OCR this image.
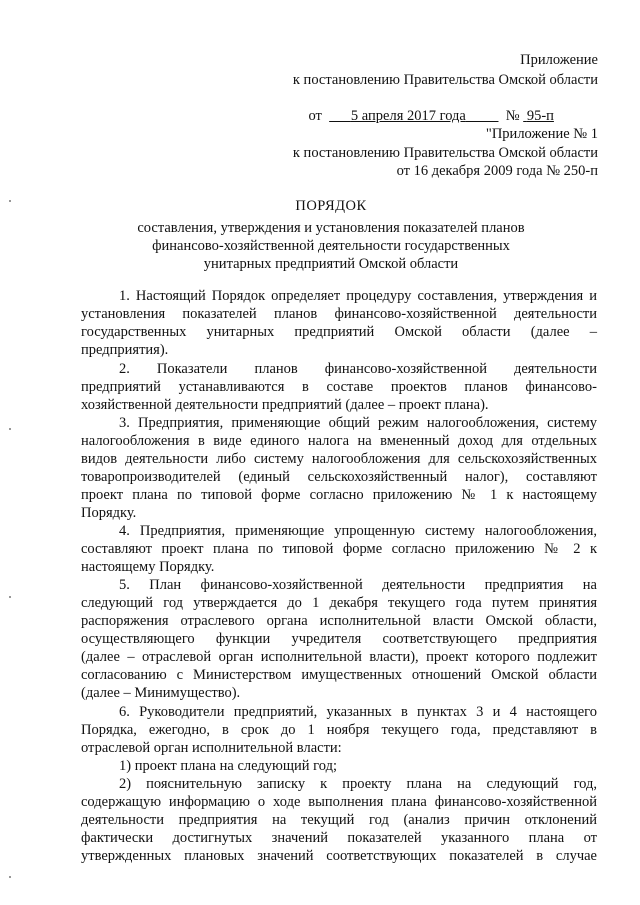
Приложение
к постановлению Правительства Омской области

от 5 апреля 2017 года	№ 95-п

"Приложение № 1
к постановлению Правительства Омской области
от 16 декабря 2009 года № 250-п
ПОРЯДОК
составления, утверждения и установления показателей планов
финансово-хозяйственной деятельности государственных
унитарных предприятий Омской области
1. Настоящий Порядок определяет процедуру составления, утверждения и
установления показателей планов финансово-хозяйственной деятельности
государственных унитарных предприятий Омской области (далее –
предприятия).
2. Показатели планов финансово-хозяйственной деятельности
предприятий устанавливаются в составе проектов планов финансово-
хозяйственной деятельности предприятий (далее – проект плана).
3. Предприятия, применяющие общий режим налогообложения, систему
налогообложения в виде единого налога на вмененный доход для отдельных
видов деятельности либо систему налогообложения для сельскохозяйственных
товаропроизводителей (единый сельскохозяйственный налог), составляют
проект плана по типовой форме согласно приложению № 1 к настоящему
Порядку.
4. Предприятия, применяющие упрощенную систему налогообложения,
составляют проект плана по типовой форме согласно приложению № 2 к
настоящему Порядку.
5. План финансово-хозяйственной деятельности предприятия на
следующий год утверждается до 1 декабря текущего года путем принятия
распоряжения отраслевого органа исполнительной власти Омской области,
осуществляющего функции учредителя соответствующего предприятия
(далее – отраслевой орган исполнительной власти), проект которого подлежит
согласованию с Министерством имущественных отношений Омской области
(далее – Минимущество).
6. Руководители предприятий, указанных в пунктах 3 и 4 настоящего
Порядка, ежегодно, в срок до 1 ноября текущего года, представляют в
отраслевой орган исполнительной власти:
1) проект плана на следующий год;
2) пояснительную записку к проекту плана на следующий год,
содержащую информацию о ходе выполнения плана финансово-хозяйственной
деятельности предприятия на текущий год (анализ причин отклонений
фактически достигнутых значений показателей указанного плана от
утвержденных плановых значений соответствующих показателей в случае
